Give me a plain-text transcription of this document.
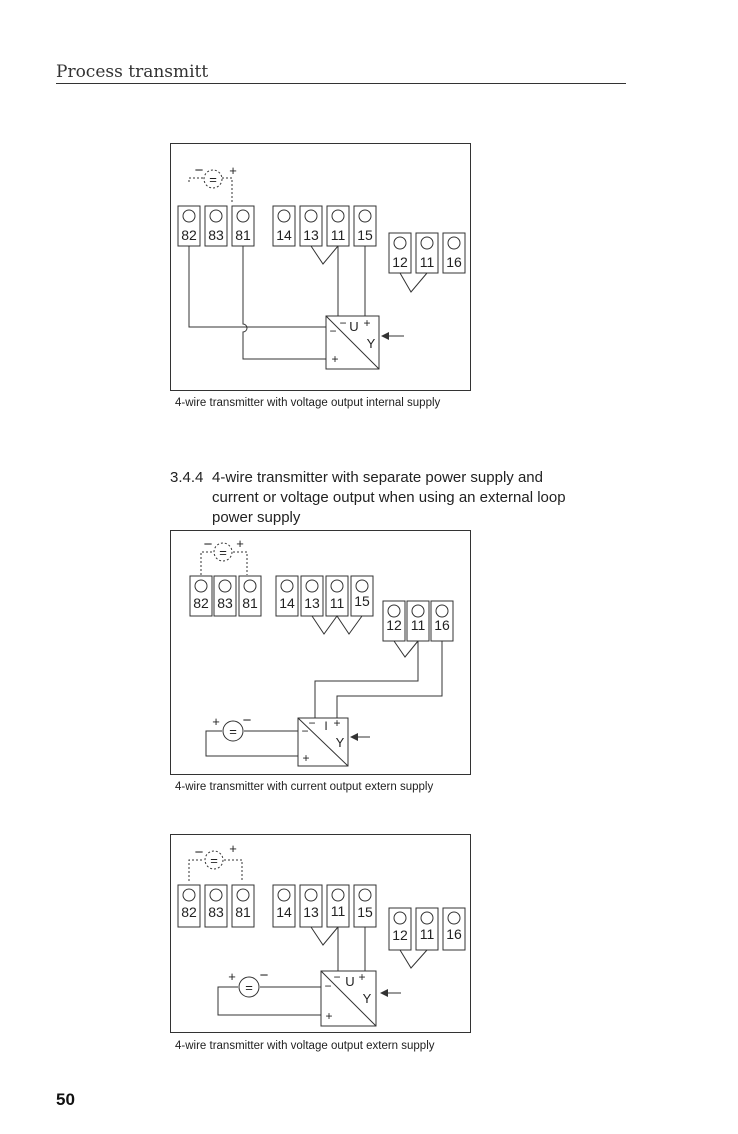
Process transmitt
− +
=
82 83 81 14 13 11 15
12 11 16
− U +
−
Y
+
4-wire transmitter with voltage output internal supply
3.4.4 4-wire transmitter with separate power supply and current or voltage output when using an external loop power supply
− +
=
82 83 81 14 13 11 15
12 11 16
+ −
=
− I +
−
Y
+
4-wire transmitter with current output extern supply
− +
=
82 83 81 14 13 11 15
12 11 16
+ −
=
− U +
−
Y
+
4-wire transmitter with voltage output extern supply
50
